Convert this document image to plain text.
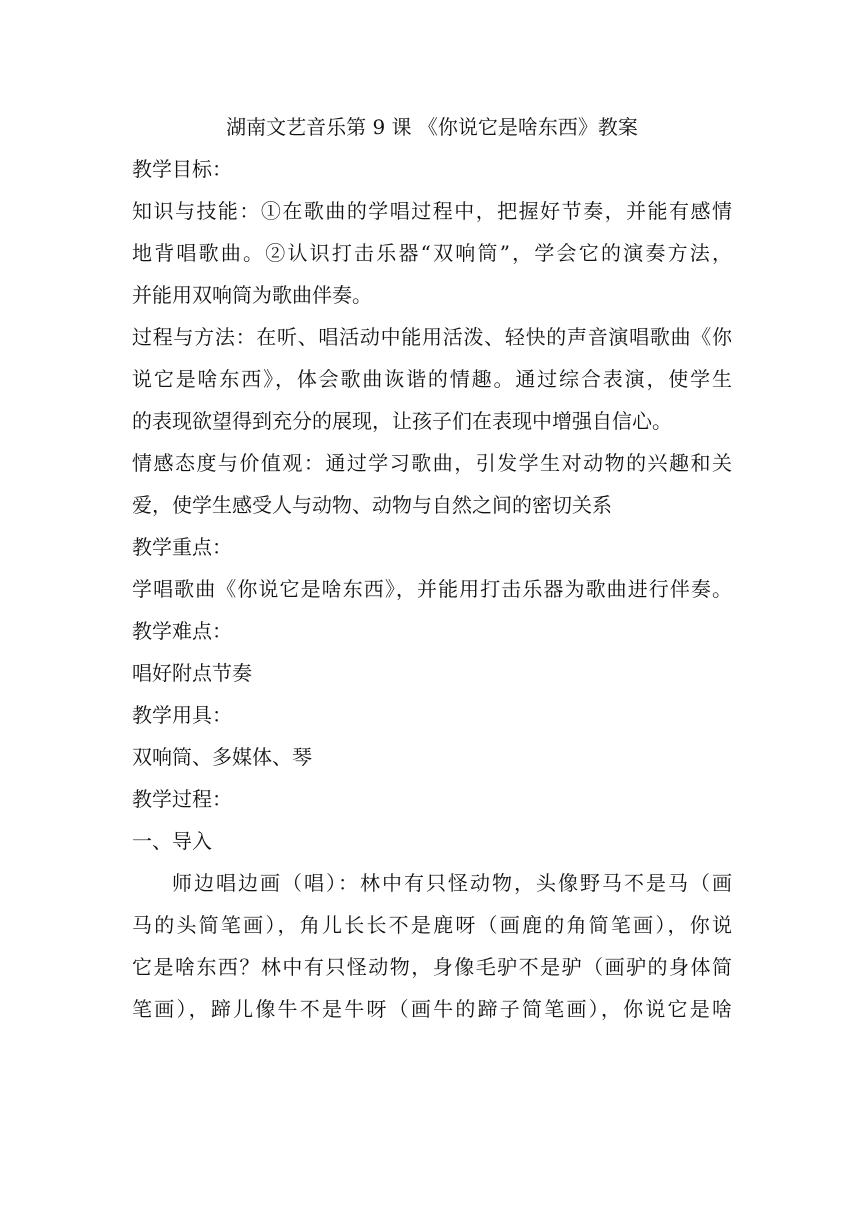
湖南文艺音乐第 9 课 《你说它是啥东西》教案
教学目标：
知识与技能：①在歌曲的学唱过程中，把握好节奏，并能有感情
地背唱歌曲。②认识打击乐器“双响筒”，学会它的演奏方法，
并能用双响筒为歌曲伴奏。
过程与方法：在听、唱活动中能用活泼、轻快的声音演唱歌曲《你
说它是啥东西》，体会歌曲诙谐的情趣。通过综合表演，使学生
的表现欲望得到充分的展现，让孩子们在表现中增强自信心。
情感态度与价值观：通过学习歌曲，引发学生对动物的兴趣和关
爱，使学生感受人与动物、动物与自然之间的密切关系
教学重点：
学唱歌曲《你说它是啥东西》，并能用打击乐器为歌曲进行伴奏。
教学难点：
唱好附点节奏
教学用具：
双响筒、多媒体、琴
教学过程：
一、导入
师边唱边画（唱）：林中有只怪动物，头像野马不是马（画
马的头简笔画），角儿长长不是鹿呀（画鹿的角简笔画），你说
它是啥东西？林中有只怪动物，身像毛驴不是驴（画驴的身体简
笔画），蹄儿像牛不是牛呀（画牛的蹄子简笔画），你说它是啥
